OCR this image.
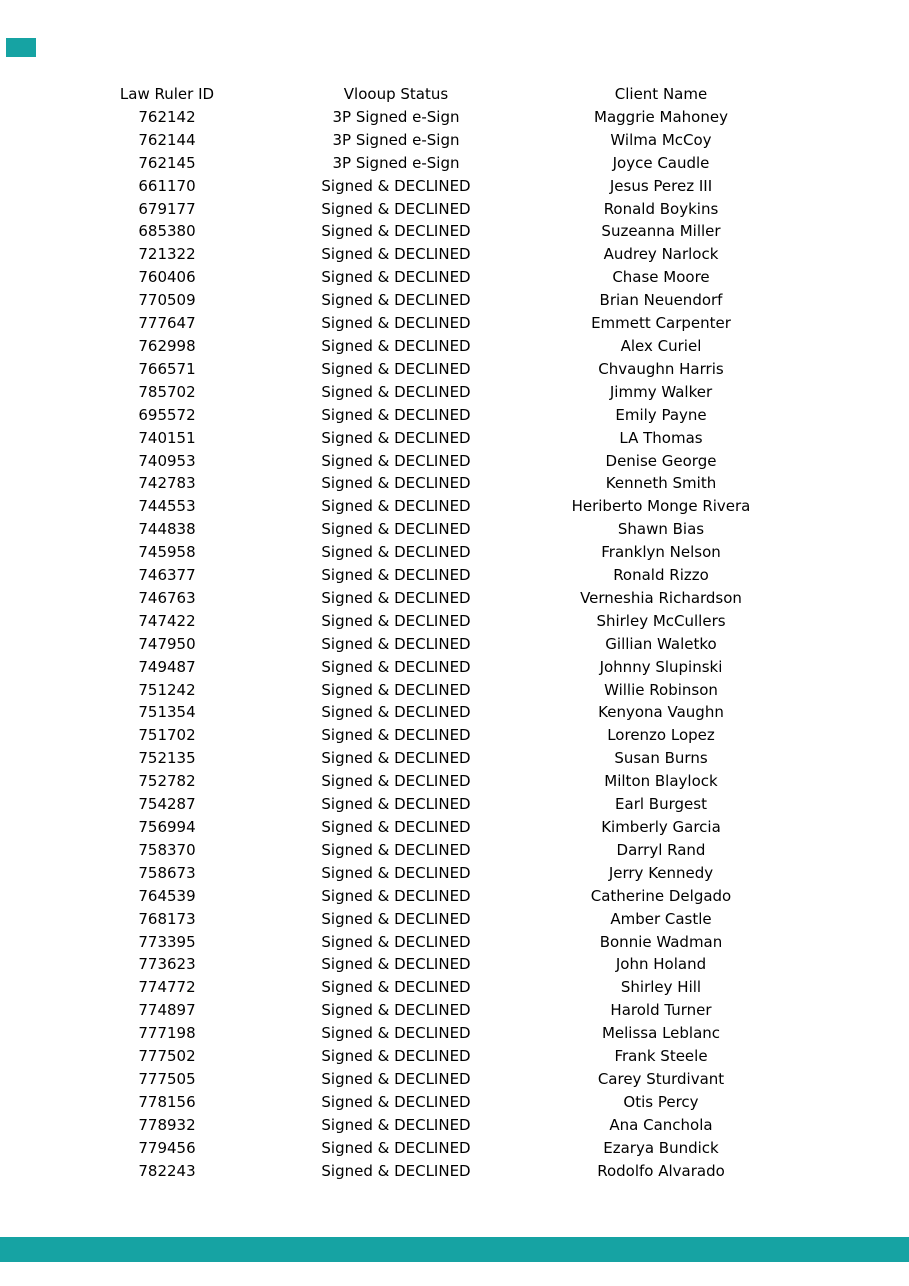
Law Ruler ID	Vlooup Status	Client Name
762142	3P Signed e-Sign	Maggrie Mahoney
762144	3P Signed e-Sign	Wilma McCoy
762145	3P Signed e-Sign	Joyce Caudle
661170	Signed & DECLINED	Jesus Perez III
679177	Signed & DECLINED	Ronald Boykins
685380	Signed & DECLINED	Suzeanna Miller
721322	Signed & DECLINED	Audrey Narlock
760406	Signed & DECLINED	Chase Moore
770509	Signed & DECLINED	Brian Neuendorf
777647	Signed & DECLINED	Emmett Carpenter
762998	Signed & DECLINED	Alex Curiel
766571	Signed & DECLINED	Chvaughn Harris
785702	Signed & DECLINED	Jimmy Walker
695572	Signed & DECLINED	Emily Payne
740151	Signed & DECLINED	LA Thomas
740953	Signed & DECLINED	Denise George
742783	Signed & DECLINED	Kenneth Smith
744553	Signed & DECLINED	Heriberto Monge Rivera
744838	Signed & DECLINED	Shawn Bias
745958	Signed & DECLINED	Franklyn Nelson
746377	Signed & DECLINED	Ronald Rizzo
746763	Signed & DECLINED	Verneshia Richardson
747422	Signed & DECLINED	Shirley McCullers
747950	Signed & DECLINED	Gillian Waletko
749487	Signed & DECLINED	Johnny Slupinski
751242	Signed & DECLINED	Willie Robinson
751354	Signed & DECLINED	Kenyona Vaughn
751702	Signed & DECLINED	Lorenzo Lopez
752135	Signed & DECLINED	Susan Burns
752782	Signed & DECLINED	Milton Blaylock
754287	Signed & DECLINED	Earl Burgest
756994	Signed & DECLINED	Kimberly Garcia
758370	Signed & DECLINED	Darryl Rand
758673	Signed & DECLINED	Jerry Kennedy
764539	Signed & DECLINED	Catherine Delgado
768173	Signed & DECLINED	Amber Castle
773395	Signed & DECLINED	Bonnie Wadman
773623	Signed & DECLINED	John Holand
774772	Signed & DECLINED	Shirley Hill
774897	Signed & DECLINED	Harold Turner
777198	Signed & DECLINED	Melissa Leblanc
777502	Signed & DECLINED	Frank Steele
777505	Signed & DECLINED	Carey Sturdivant
778156	Signed & DECLINED	Otis Percy
778932	Signed & DECLINED	Ana Canchola
779456	Signed & DECLINED	Ezarya Bundick
782243	Signed & DECLINED	Rodolfo Alvarado
